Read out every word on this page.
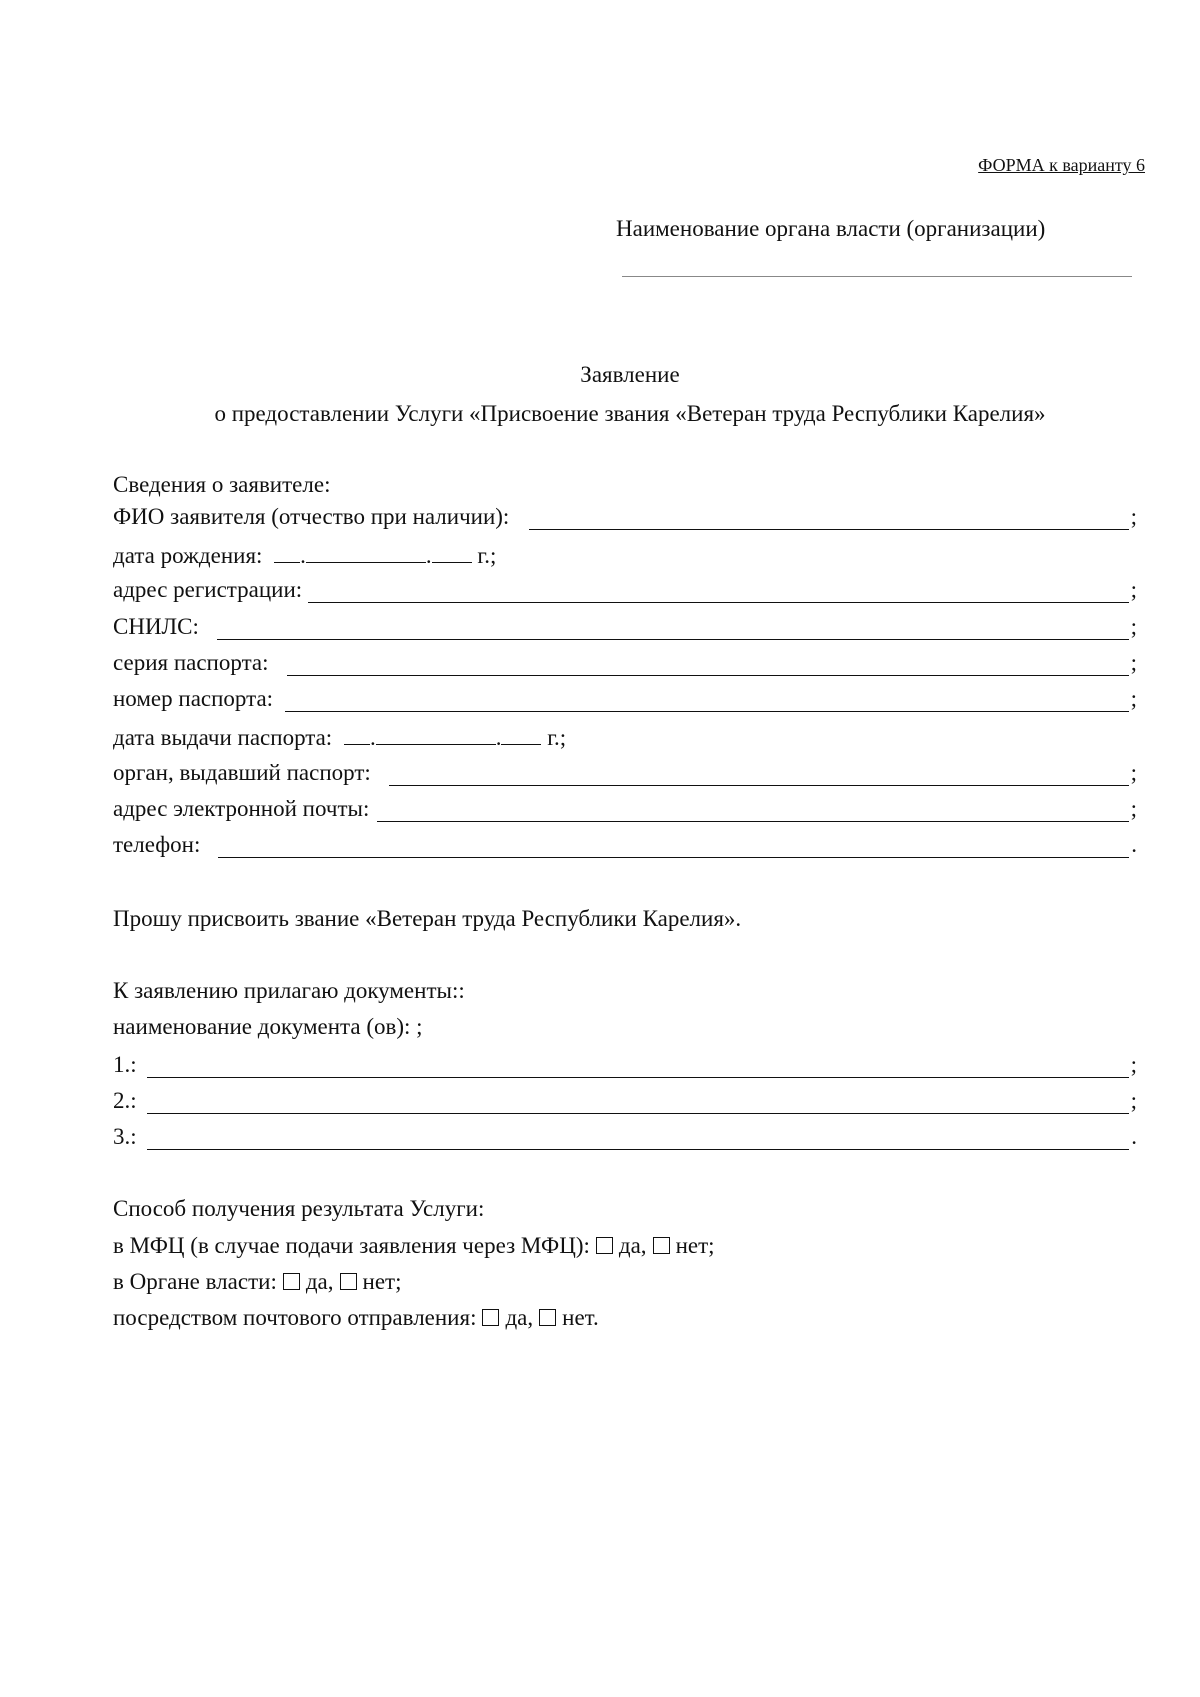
ФОРМА к варианту 6
Наименование органа власти (организации)
Заявление
о предоставлении Услуги «Присвоение звания «Ветеран труда Республики Карелия»
Сведения о заявителе:
ФИО заявителя (отчество при наличии):	;
дата рождения: .	. г.;
адрес регистрации:	;
СНИЛС:	;
серия паспорта:	;
номер паспорта:	;
дата выдачи паспорта: .	. г.;
орган, выдавший паспорт:	;
адрес электронной почты:	;
телефон:	.
Прошу присвоить звание «Ветеран труда Республики Карелия».
К заявлению прилагаю документы::
наименование документа (ов): ;
1.:	;
2.:	;
3.:	.
Способ получения результата Услуги:
в МФЦ (в случае подачи заявления через МФЦ): да, нет;
в Органе власти: да, нет;
посредством почтового отправления: да, нет.
